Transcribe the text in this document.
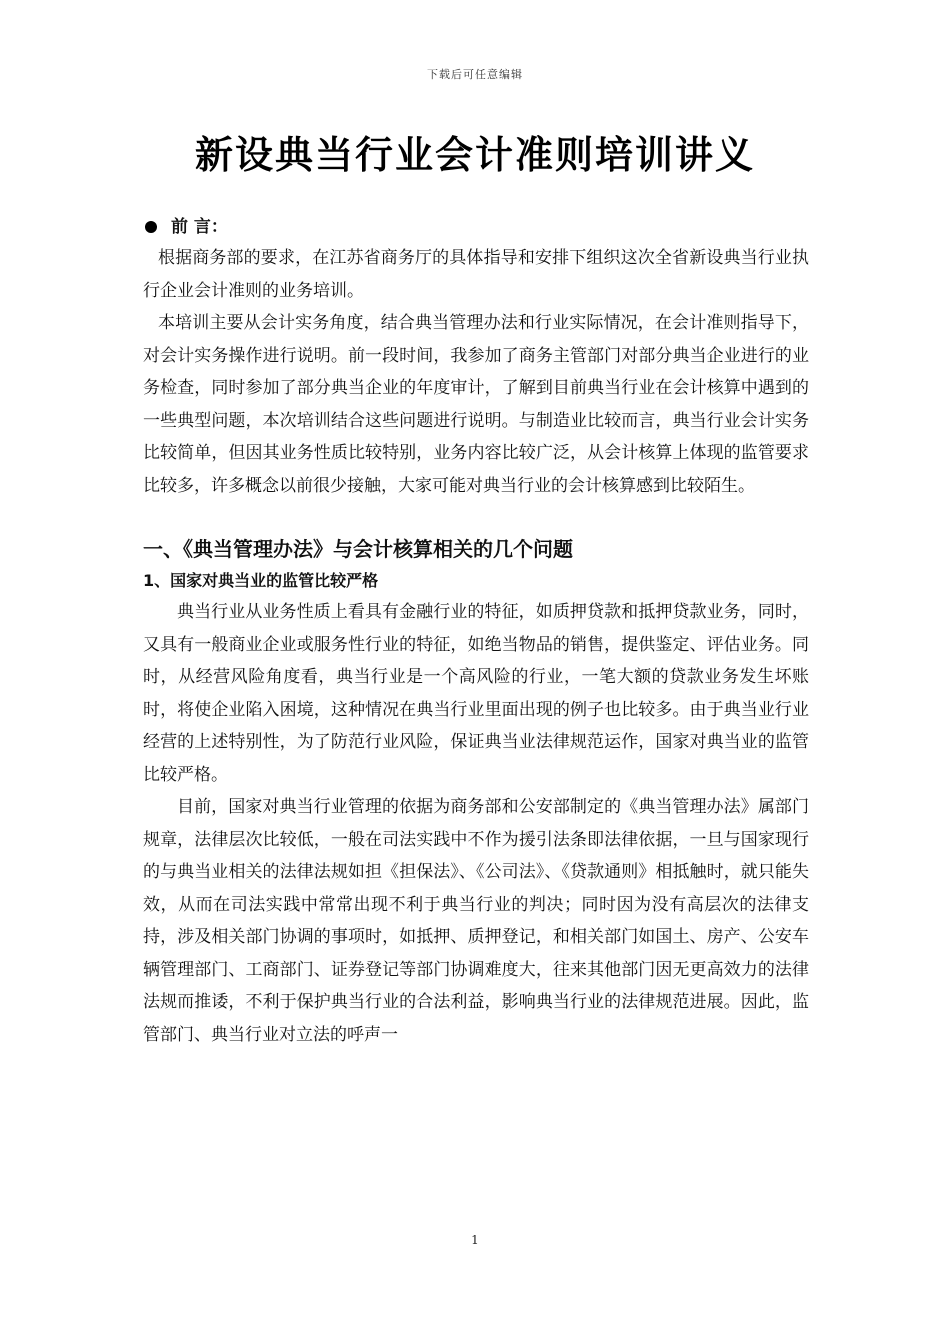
下载后可任意编辑
新设典当行业会计准则培训讲义
前 言：

根据商务部的要求，在江苏省商务厅的具体指导和安排下组织这次全省新设典当行业执行企业会计准则的业务培训。

本培训主要从会计实务角度，结合典当管理办法和行业实际情况，在会计准则指导下，对会计实务操作进行说明。前一段时间，我参加了商务主管部门对部分典当企业进行的业务检查，同时参加了部分典当企业的年度审计，了解到目前典当行业在会计核算中遇到的一些典型问题，本次培训结合这些问题进行说明。与制造业比较而言，典当行业会计实务比较简单，但因其业务性质比较特别，业务内容比较广泛，从会计核算上体现的监管要求比较多，许多概念以前很少接触，大家可能对典当行业的会计核算感到比较陌生。

一、《典当管理办法》与会计核算相关的几个问题
1、国家对典当业的监管比较严格

典当行业从业务性质上看具有金融行业的特征，如质押贷款和抵押贷款业务，同时，又具有一般商业企业或服务性行业的特征，如绝当物品的销售，提供鉴定、评估业务。同时，从经营风险角度看，典当行业是一个高风险的行业，一笔大额的贷款业务发生坏账时，将使企业陷入困境，这种情况在典当行业里面出现的例子也比较多。由于典当业行业经营的上述特别性，为了防范行业风险，保证典当业法律规范运作，国家对典当业的监管比较严格。

目前，国家对典当行业管理的依据为商务部和公安部制定的《典当管理办法》属部门规章，法律层次比较低，一般在司法实践中不作为援引法条即法律依据，一旦与国家现行的与典当业相关的法律法规如担《担保法》、《公司法》、《贷款通则》相抵触时，就只能失效，从而在司法实践中常常出现不利于典当行业的判决；同时因为没有高层次的法律支持，涉及相关部门协调的事项时，如抵押、质押登记，和相关部门如国土、房产、公安车辆管理部门、工商部门、证券登记等部门协调难度大，往来其他部门因无更高效力的法律法规而推诿，不利于保护典当行业的合法利益，影响典当行业的法律规范进展。因此，监管部门、典当行业对立法的呼声一

1
